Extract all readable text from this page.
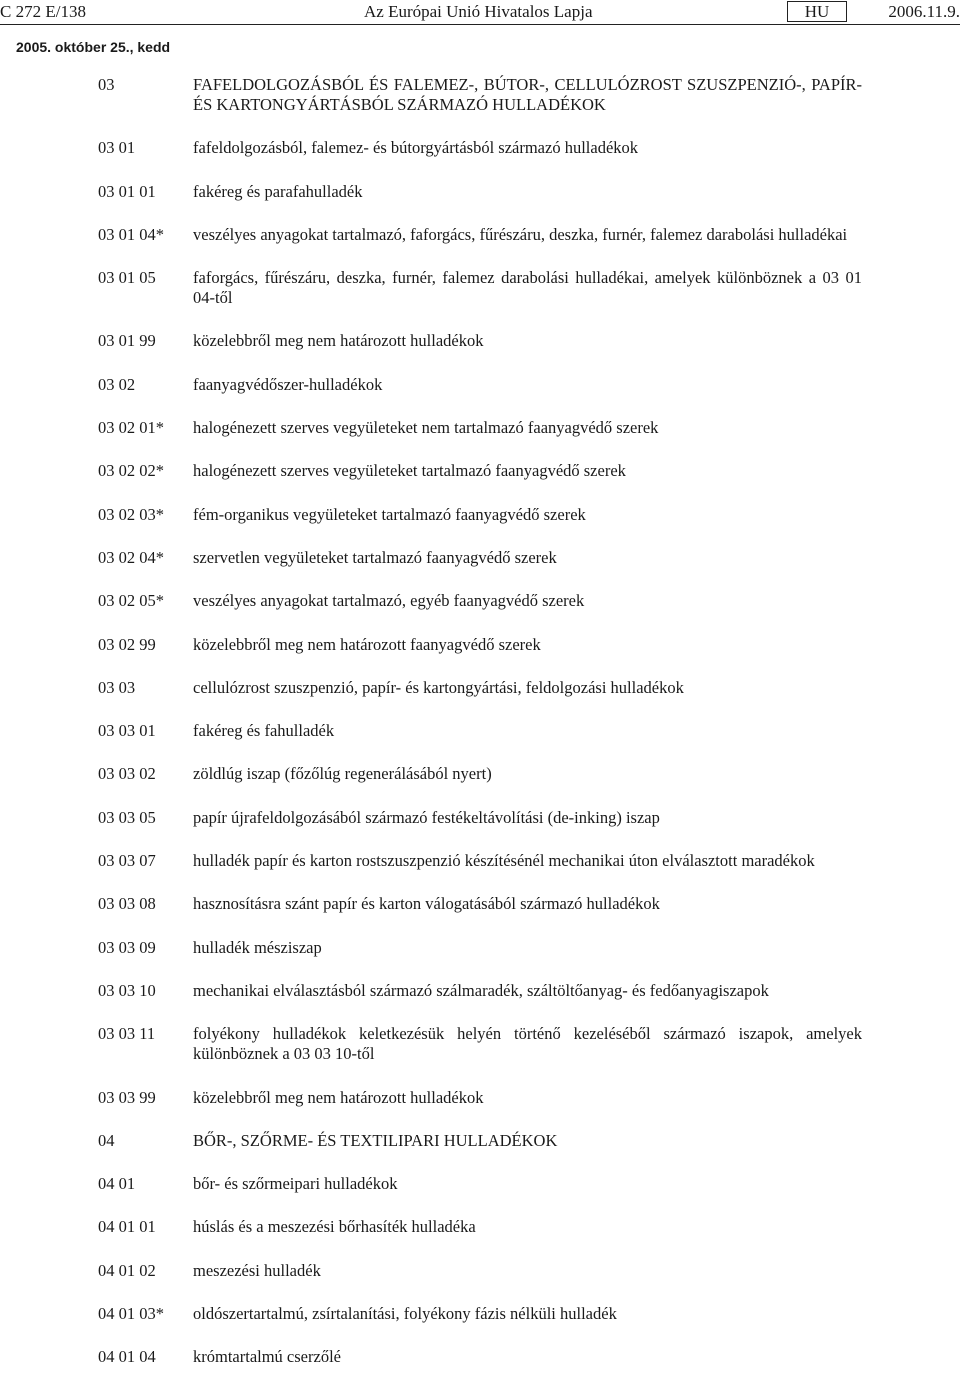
C 272 E/138	Az Európai Unió Hivatalos Lapja	HU	2006.11.9.
2005. október 25., kedd
03	FAFELDOLGOZÁSBÓL ÉS FALEMEZ-, BÚTOR-, CELLULÓZROST SZUSZPENZIÓ-, PAPÍR- ÉS KARTONGYÁRTÁSBÓL SZÁRMAZÓ HULLADÉKOK
03 01	fafeldolgozásból, falemez- és bútorgyártásból származó hulladékok
03 01 01 fakéreg és parafahulladék
03 01 04* veszélyes anyagokat tartalmazó, faforgács, fűrészáru, deszka, furnér, falemez darabolási hulladékai
03 01 05 faforgács, fűrészáru, deszka, furnér, falemez darabolási hulladékai, amelyek különböznek a 03 01 04-től
03 01 99 közelebbről meg nem határozott hulladékok
03 02	faanyagvédőszer-hulladékok
03 02 01* halogénezett szerves vegyületeket nem tartalmazó faanyagvédő szerek
03 02 02* halogénezett szerves vegyületeket tartalmazó faanyagvédő szerek
03 02 03* fém-organikus vegyületeket tartalmazó faanyagvédő szerek
03 02 04* szervetlen vegyületeket tartalmazó faanyagvédő szerek
03 02 05* veszélyes anyagokat tartalmazó, egyéb faanyagvédő szerek
03 02 99 közelebbről meg nem határozott faanyagvédő szerek
03 03	cellulózrost szuszpenzió, papír- és kartongyártási, feldolgozási hulladékok
03 03 01 fakéreg és fahulladék
03 03 02 zöldlúg iszap (főzőlúg regenerálásából nyert)
03 03 05 papír újrafeldolgozásából származó festékeltávolítási (de-inking) iszap
03 03 07 hulladék papír és karton rostszuszpenzió készítésénél mechanikai úton elválasztott maradékok
03 03 08 hasznosításra szánt papír és karton válogatásából származó hulladékok
03 03 09 hulladék mésziszap
03 03 10 mechanikai elválasztásból származó szálmaradék, száltöltőanyag- és fedőanyagiszapok
03 03 11 folyékony hulladékok keletkezésük helyén történő kezeléséből származó iszapok, amelyek különböznek a 03 03 10-től
03 03 99 közelebbről meg nem határozott hulladékok
04	BŐR-, SZŐRME- ÉS TEXTILIPARI HULLADÉKOK
04 01	bőr- és szőrmeipari hulladékok
04 01 01 húslás és a meszezési bőrhasíték hulladéka
04 01 02 meszezési hulladék
04 01 03* oldószertartalmú, zsírtalanítási, folyékony fázis nélküli hulladék
04 01 04 krómtartalmú cserzőlé
